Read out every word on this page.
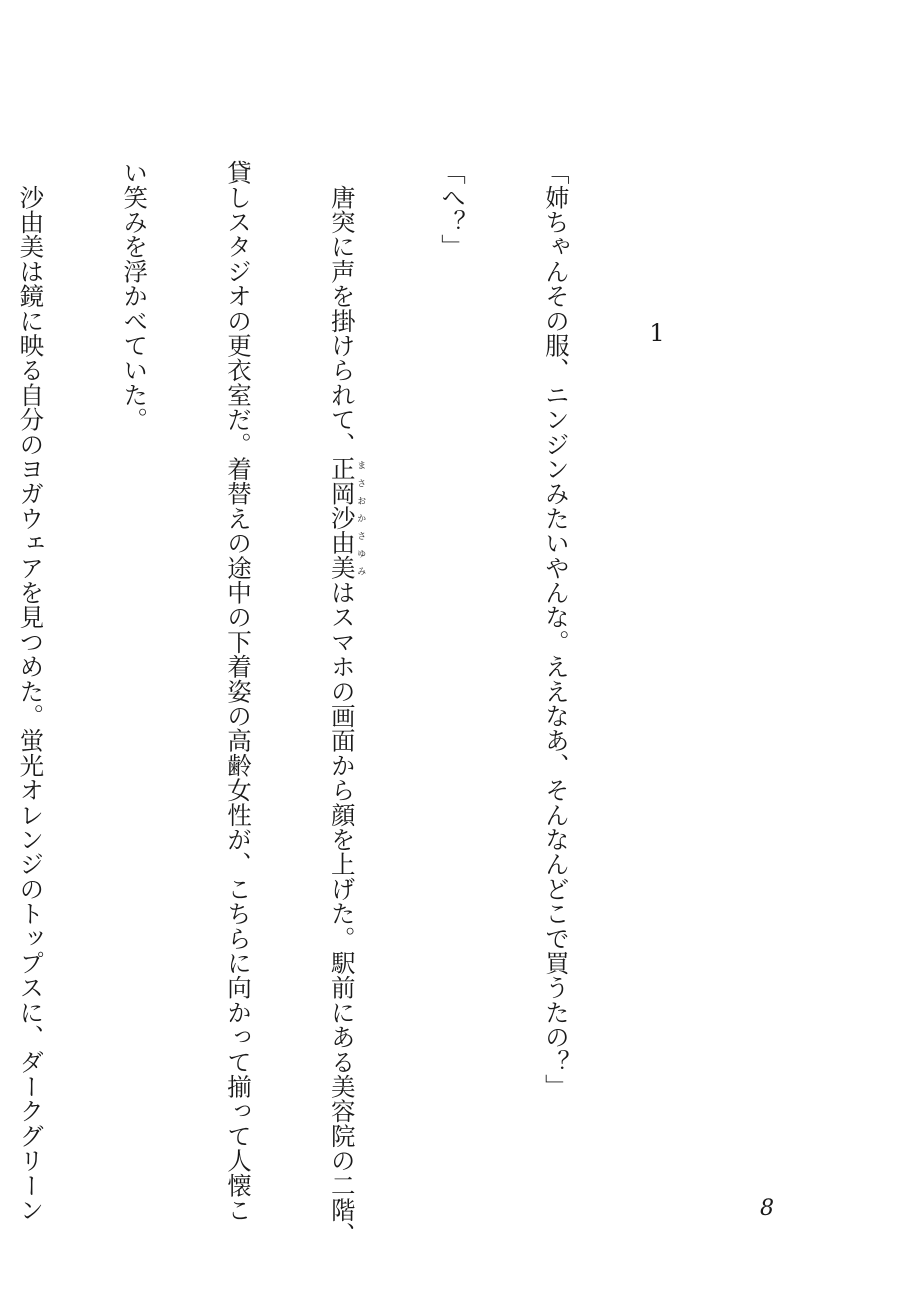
1

「姉ちゃんその服、ニンジンみたいやんな。ええなあ、そんなんどこで買うたの？」

「へ？」

　唐突に声を掛けられて、正岡沙由美まさおかさゆみはスマホの画面から顔を上げた。駅前にある美容院の二階、

貸しスタジオの更衣室だ。着替えの途中の下着姿の高齢女性が、こちらに向かって揃って人懐こ

い笑みを浮かべていた。

　沙由美は鏡に映る自分のヨガウェアを見つめた。蛍光オレンジのトップスに、ダークグリーン

	8
